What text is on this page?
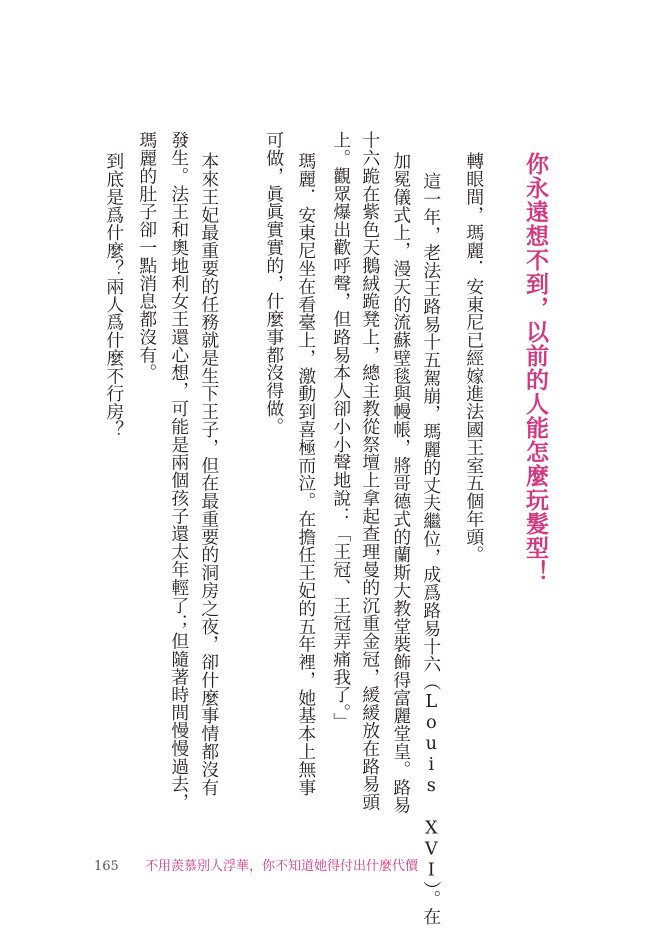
你永遠想不到，以前的人能怎麼玩髮型！
轉眼間，瑪麗．安東尼已經嫁進法國王室五個年頭。
這一年，老法王路易十五駕崩，瑪麗的丈夫繼位，成爲路易十六（Louis XVI）。在
加冕儀式上，漫天的流蘇壁毯與幔帳，將哥德式的蘭斯大教堂裝飾得富麗堂皇。路易
十六跪在紫色天鵝絨跪凳上，總主教從祭壇上拿起查理曼的沉重金冠，緩緩放在路易頭
上。觀眾爆出歡呼聲，但路易本人卻小小聲地說：「王冠、王冠弄痛我了。」
瑪麗．安東尼坐在看臺上，激動到喜極而泣。在擔任王妃的五年裡，她基本上無事
可做，眞眞實實的，什麼事都沒得做。
本來王妃最重要的任務就是生下王子，但在最重要的洞房之夜，卻什麼事情都沒有
發生。法王和奧地利女王還心想，可能是兩個孩子還太年輕了；但隨著時間慢慢過去，
瑪麗的肚子卻一點消息都沒有。
到底是爲什麼？兩人爲什麼不行房？
165 不用羨慕別人浮華，你不知道她得付出什麼代價
